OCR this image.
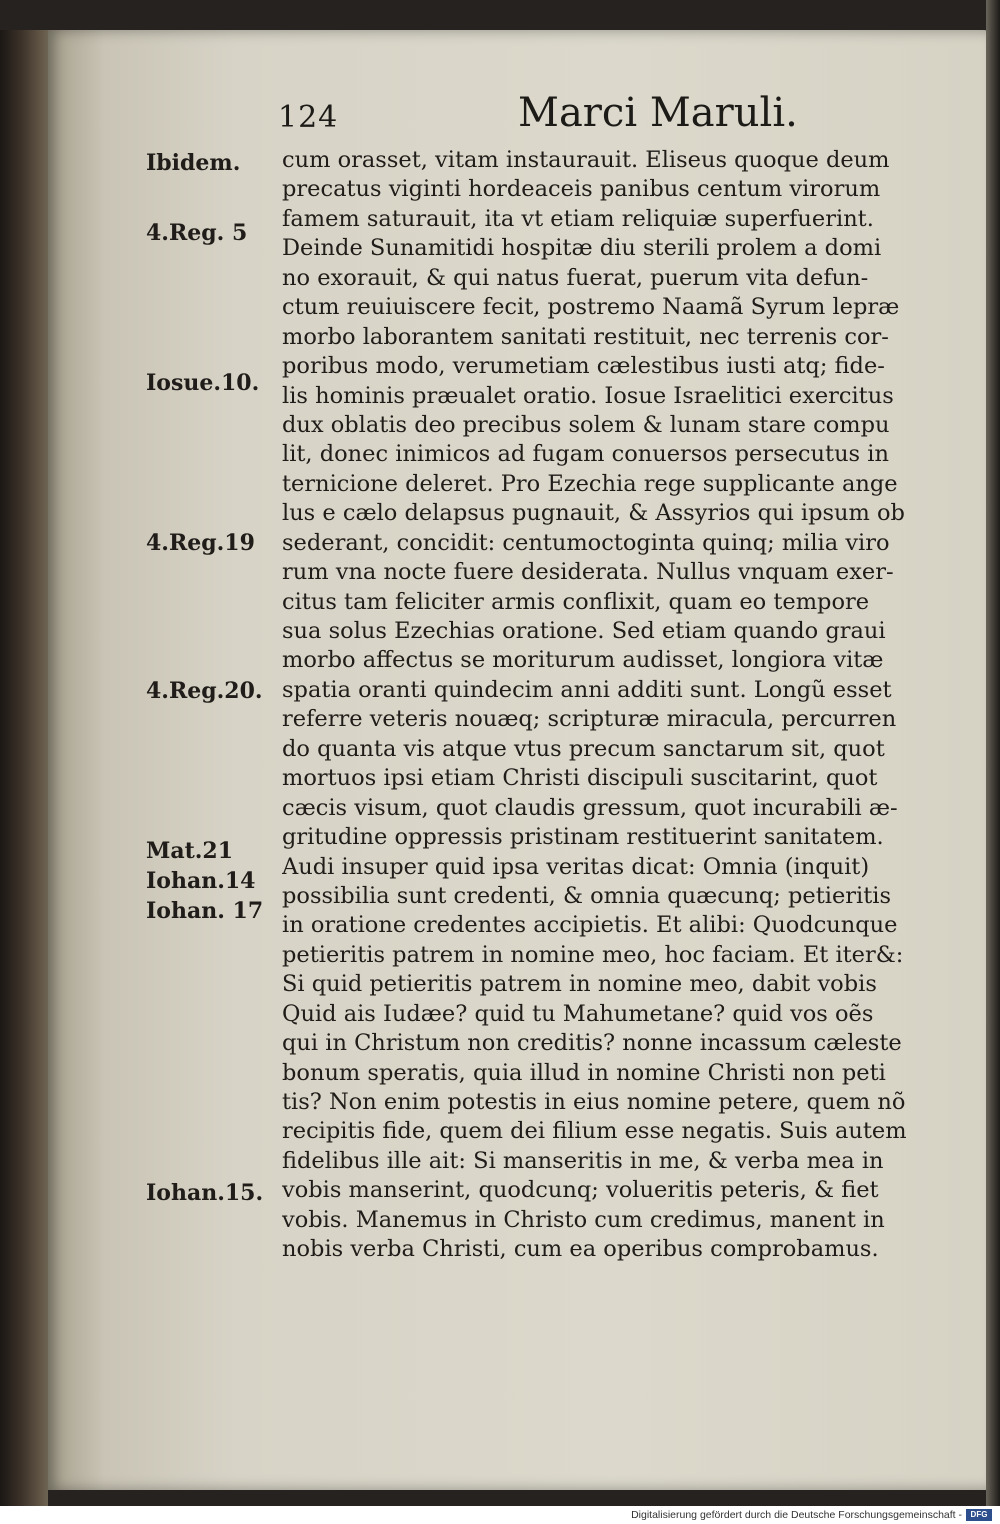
124	Marci Maruli.
Ibidem.
4.Reg. 5
Iosue.10.
4.Reg.19
4.Reg.20.
Mat.21
Iohan.14
Iohan. 17
Iohan.15.
cum orasset, vitam instaurauit. Eliseus quoque deum
precatus viginti hordeaceis panibus centum virorum
famem saturauit, ita vt etiam reliquiæ superfuerint.
Deinde Sunamitidi hospitæ diu sterili prolem a domi
no exorauit, & qui natus fuerat, puerum vita defun-
ctum reuiuiscere fecit, postremo Naamã Syrum lepræ
morbo laborantem sanitati restituit, nec terrenis cor-
poribus modo, verumetiam cælestibus iusti atq; fide-
lis hominis præualet oratio. Iosue Israelitici exercitus
dux oblatis deo precibus solem & lunam stare compu
lit, donec inimicos ad fugam conuersos persecutus in
ternicione deleret. Pro Ezechia rege supplicante ange
lus e cælo delapsus pugnauit, & Assyrios qui ipsum ob
sederant, concidit: centumoctoginta quinq; milia viro
rum vna nocte fuere desiderata. Nullus vnquam exer-
citus tam feliciter armis conflixit, quam eo tempore
sua solus Ezechias oratione. Sed etiam quando graui
morbo affectus se moriturum audisset, longiora vitæ
spatia oranti quindecim anni additi sunt. Longũ esset
referre veteris nouæq; scripturæ miracula, percurren
do quanta vis atque vtus precum sanctarum sit, quot
mortuos ipsi etiam Christi discipuli suscitarint, quot
cæcis visum, quot claudis gressum, quot incurabili æ-
gritudine oppressis pristinam restituerint sanitatem.
Audi insuper quid ipsa veritas dicat: Omnia (inquit)
possibilia sunt credenti, & omnia quæcunq; petieritis
in oratione credentes accipietis. Et alibi: Quodcunque
petieritis patrem in nomine meo, hoc faciam. Et iter&:
Si quid petieritis patrem in nomine meo, dabit vobis
Quid ais Iudæe? quid tu Mahumetane? quid vos oẽs
qui in Christum non creditis? nonne incassum cæleste
bonum speratis, quia illud in nomine Christi non peti
tis? Non enim potestis in eius nomine petere, quem nõ
recipitis fide, quem dei filium esse negatis. Suis autem
fidelibus ille ait: Si manseritis in me, & verba mea in
vobis manserint, quodcunq; volueritis peteris, & fiet
vobis. Manemus in Christo cum credimus, manent in
nobis verba Christi, cum ea operibus comprobamus.
Digitalisierung gefördert durch die Deutsche Forschungsgemeinschaft -	DFG
